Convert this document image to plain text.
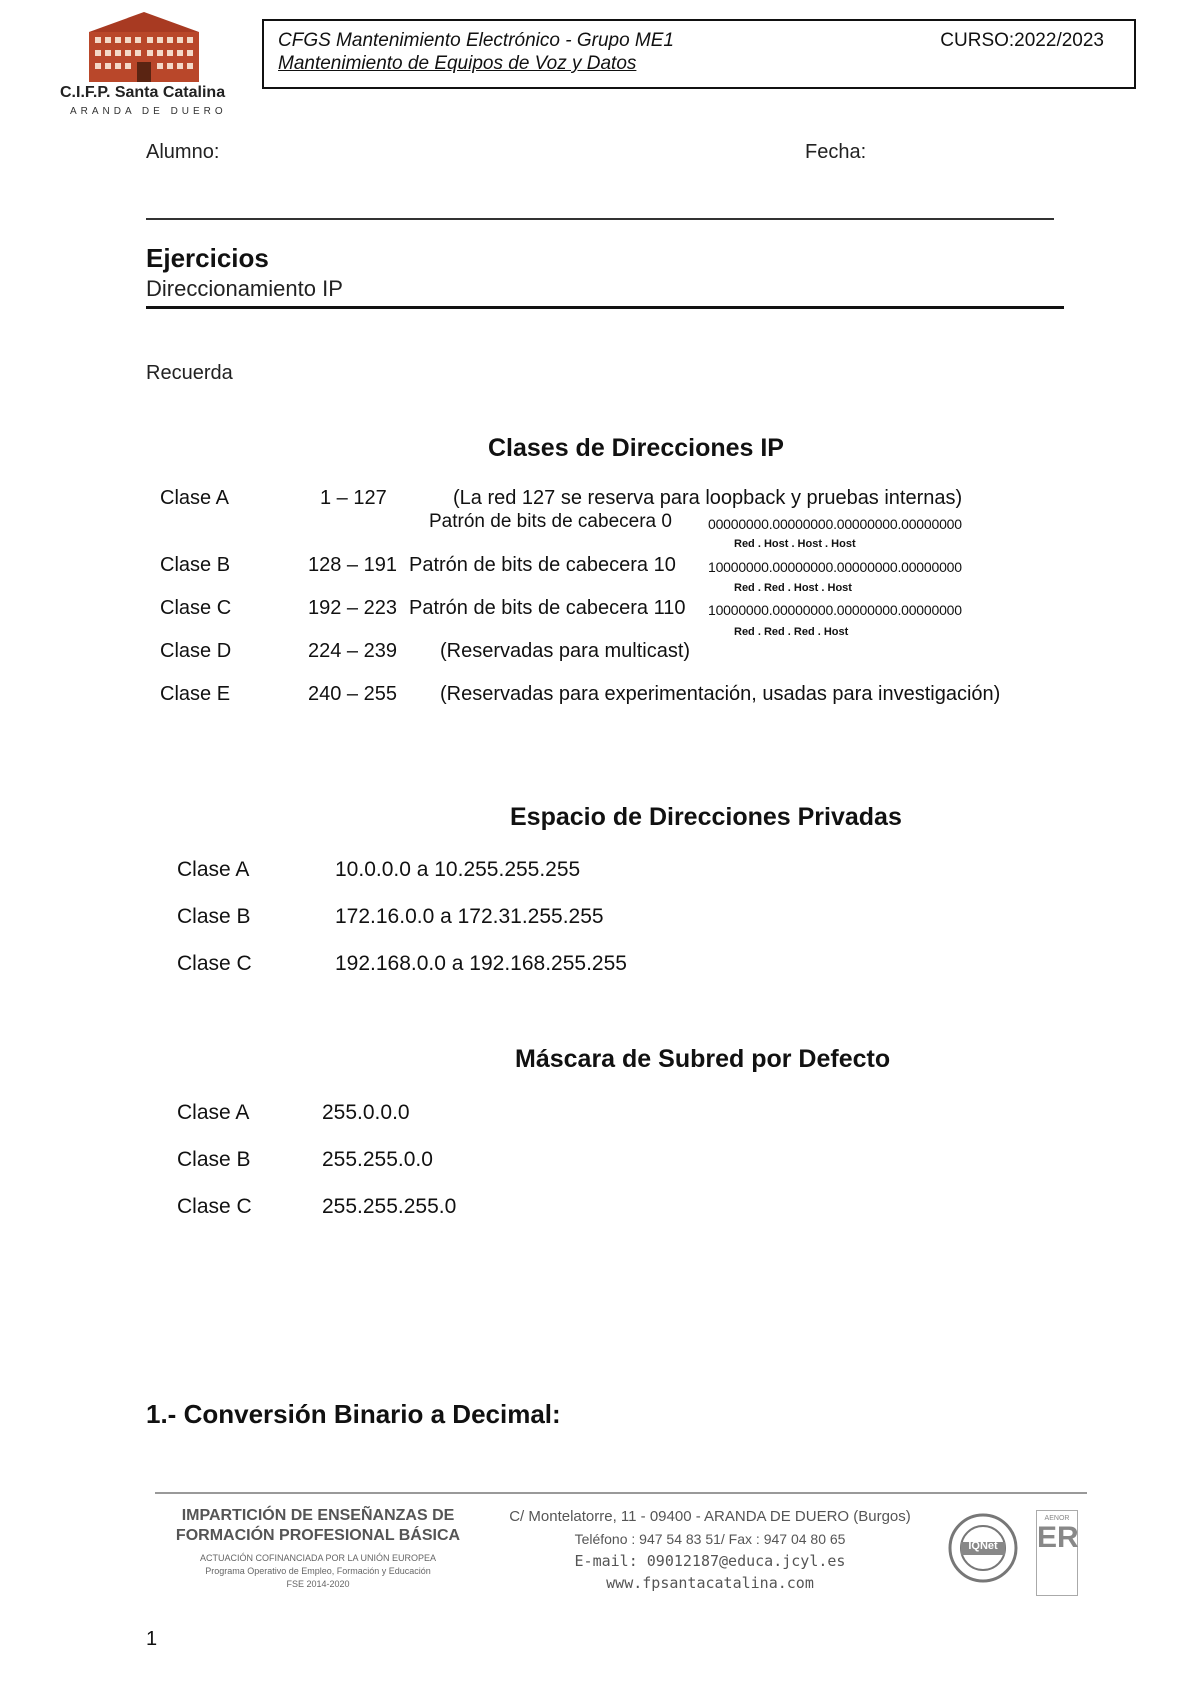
C.I.F.P. Santa Catalina
ARANDA DE DUERO
CFGS Mantenimiento Electrónico - Grupo ME1
Mantenimiento de Equipos de Voz y Datos
CURSO:2022/2023
Alumno:	Fecha:
Ejercicios
Direccionamiento IP
Recuerda
Clases de Direcciones IP
Clase A	1 – 127	(La red 127 se reserva para loopback y pruebas internas)
Patrón de bits de cabecera 0	00000000.00000000.00000000.00000000
Red . Host . Host . Host
Clase B	128 – 191 Patrón de bits de cabecera 10 10000000.00000000.00000000.00000000
Red . Red . Host . Host
Clase C	192 – 223 Patrón de bits de cabecera 110 10000000.00000000.00000000.00000000
Red . Red . Red . Host
Clase D	224 – 239 (Reservadas para multicast)
Clase E	240 – 255 (Reservadas para experimentación, usadas para investigación)
Espacio de Direcciones Privadas
Clase A	10.0.0.0 a 10.255.255.255
Clase B	172.16.0.0 a 172.31.255.255
Clase C	192.168.0.0 a 192.168.255.255
Máscara de Subred por Defecto
Clase A	255.0.0.0
Clase B	255.255.0.0
Clase C	255.255.255.0
1.- Conversión Binario a Decimal:
IMPARTICIÓN DE ENSEÑANZAS DE
FORMACIÓN PROFESIONAL BÁSICA
ACTUACIÓN COFINANCIADA POR LA UNIÓN EUROPEA
Programa Operativo de Empleo, Formación y Educación
FSE 2014-2020
C/ Montelatorre, 11 - 09400 - ARANDA DE DUERO (Burgos)
Teléfono : 947 54 83 51/ Fax : 947 04 80 65
E-mail: 09012187@educa.jcyl.es
www.fpsantacatalina.com
IQNet
AENOR
ER
1
